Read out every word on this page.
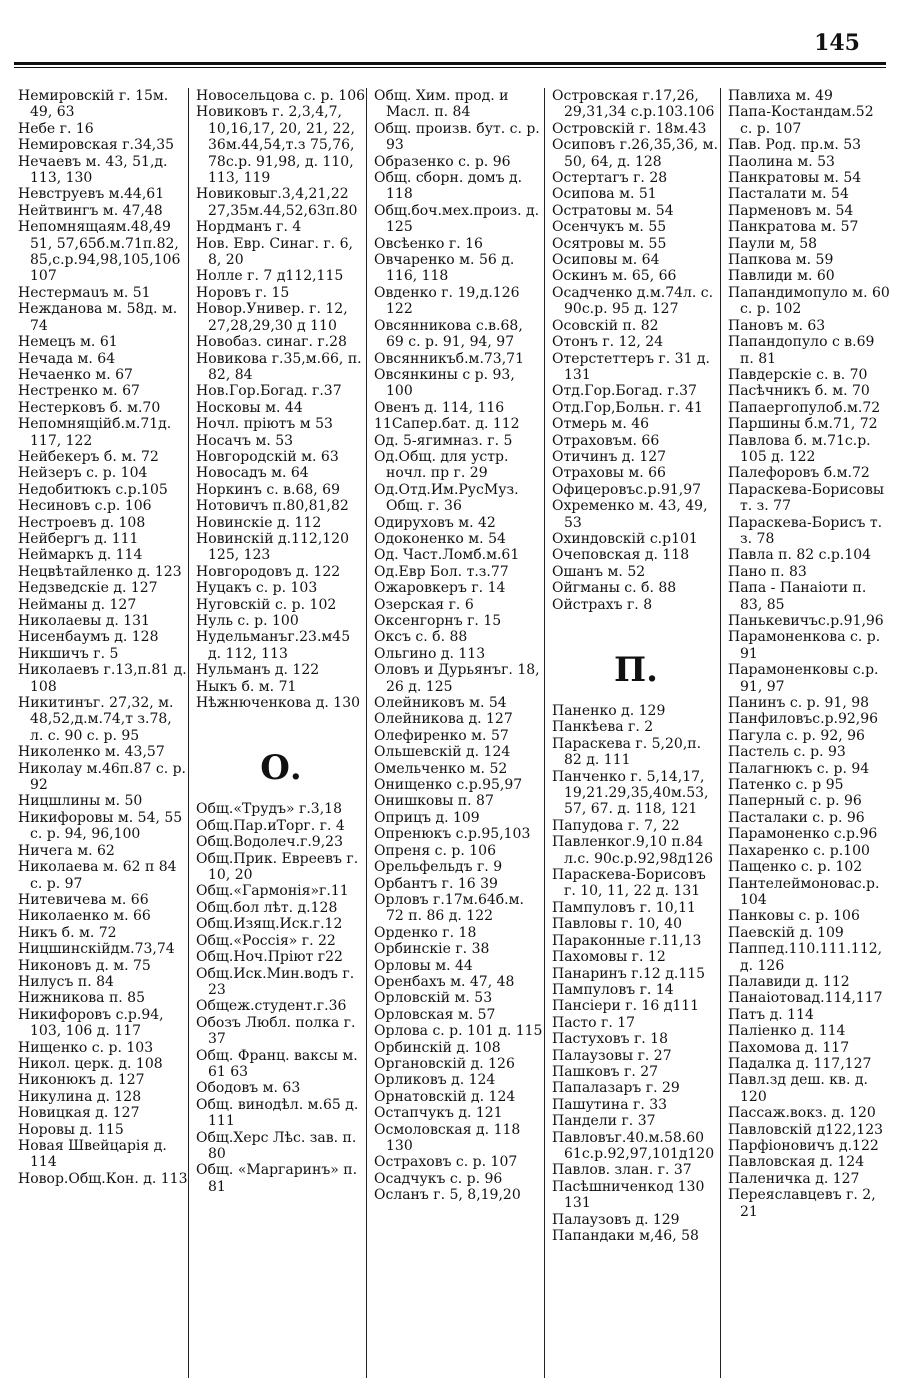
145
Немировскій г. 15м. 49, 63
Небе г. 16
Немировская г.34,35
Нечаевъ м. 43, 51,д. 113, 130
Невструевъ м.44,61
Нейтвингъ м. 47,48
Непомнящаям.48,49 51, 57,65б.м.71п.82, 85,с.р.94,98,105,106 107
Нестермаuъ м. 51
Нежданова м. 58д. м. 74
Немецъ м. 61
Нечада м. 64
Нечаенко м. 67
Нестренко м. 67
Нестерковъ б. м.70
Непомнящійб.м.71д. 117, 122
Нейбекеръ б. м. 72
Нейзеръ с. р. 104
Недобитюкъ с.р.105
Несиновъ с.р. 106
Нестроевъ д. 108
Нейбергъ д. 111
Неймаркъ д. 114
Нецвѣтайленко д. 123
Недзведскіе д. 127
Нейманы д. 127
Николаевы д. 131
Нисенбаумъ д. 128
Никшичъ г. 5
Николаевъ г.13,п.81 д. 108
Никитинъг. 27,32, м. 48,52,д.м.74,т з.78, л. с. 90 с. р. 95
Николенко м. 43,57
Николау м.46п.87 с. р. 92
Ницшлины м. 50
Никифоровы м. 54, 55 с. р. 94, 96,100
Ничега м. 62
Николаева м. 62 п 84 с. р. 97
Нитевичева м. 66
Николаенко м. 66
Никъ б. м. 72
Ницшинскійдм.73,74
Никоновъ д. м. 75
Нилусъ п. 84
Нижникова п. 85
Никифоровъ с.р.94, 103, 106 д. 117
Нищенко с. р. 103
Никол. церк. д. 108
Никонюкъ д. 127
Никулина д. 128
Новицкая д. 127
Норовы д. 115
Новая Швейцарія д. 114
Новор.Общ.Кон. д. 113
Новосельцова с. р. 106
Новиковъ г. 2,3,4,7, 10,16,17, 20, 21, 22, 36м.44,54,т.з 75,76, 78с.р. 91,98, д. 110, 113, 119
Новиковыг.3,4,21,22 27,35м.44,52,63п.80
Нордманъ г. 4
Нов. Евр. Синаг. г. 6, 8, 20
Нолле г. 7 д112,115
Норовъ г. 15
Новор.Универ. г. 12, 27,28,29,30 д 110
Новобаз. синаг. г.28
Новикова г.35,м.66, п. 82, 84
Нов.Гор.Богад. г.37
Носковы м. 44
Ночл. пріютъ м 53
Носачъ м. 53
Новгородскій м. 63
Новосадъ м. 64
Норкинъ с. в.68, 69
Нотовичъ п.80,81,82
Новинскіе д. 112
Новинскій д.112,120 125, 123
Новгородовъ д. 122
Нуцакъ с. р. 103
Нуговскій с. р. 102
Нуль с. р. 100
Нудельманъг.23.м45 д. 112, 113
Нульманъ д. 122
Ныкъ б. м. 71
Нѣжнюченкова д. 130
О.
Общ.«Трудъ» г.3,18
Общ.Пар.иТорг. г. 4
Общ.Водолеч.г.9,23
Общ.Прик. Евреевъ г. 10, 20
Общ.«Гармонія»г.11
Общ.бол лѣт. д.128
Общ.Изящ.Иск.г.12
Общ.«Россія» г. 22
Общ.Ноч.Пріют г22
Общ.Иск.Мин.водъ г. 23
Общеж.студент.г.36
Обозъ Любл. полка г. 37
Общ. Франц. ваксы м. 61 63
Ободовъ м. 63
Общ. винодѣл. м.65 д. 111
Общ.Херс Лѣс. зав. п. 80
Общ. «Маргаринъ» п. 81
Общ. Хим. прод. и Масл. п. 84
Общ. произв. бут. с. р. 93
Образенко с. р. 96
Общ. сборн. домъ д. 118
Общ.боч.мех.произ. д. 125
Овсѣенко г. 16
Овчаренко м. 56 д. 116, 118
Овденко г. 19,д.126 122
Овсянникова с.в.68, 69 с. р. 91, 94, 97
Овсянникъб.м.73,71
Овсянкины с р. 93, 100
Овенъ д. 114, 116
11Сапер.бат. д. 112
Од. 5-ягимназ. г. 5
Од.Общ. для устр. ночл. пр г. 29
Од.Отд.Им.РусМуз. Общ. г. 36
Одируховъ м. 42
Одоконенко м. 54
Од. Част.Ломб.м.61
Од.Евр Бол. т.з.77
Ожаровкеръ г. 14
Озерская г. 6
Оксенгорнъ г. 15
Оксъ с. б. 88
Ольгино д. 113
Оловъ и Дурьянъг. 18, 26 д. 125
Олейниковъ м. 54
Олейникова д. 127
Олефиренко м. 57
Ольшевскій д. 124
Омельченко м. 52
Онищенко с.р.95,97
Онишковы п. 87
Оприцъ д. 109
Опренюкъ с.р.95,103
Опреня с. р. 106
Орельфельдъ г. 9
Орбантъ г. 16 39
Орловъ г.17м.64б.м. 72 п. 86 д. 122
Орденко г. 18
Орбинскіе г. 38
Орловы м. 44
Оренбахъ м. 47, 48
Орловскій м. 53
Орловская м. 57
Орлова с. р. 101 д. 115
Орбинскій д. 108
Органовскій д. 126
Орликовъ д. 124
Орнатовскій д. 124
Остапчукъ д. 121
Осмоловская д. 118 130
Остраховъ с. р. 107
Осадчукъ с. р. 96
Осланъ г. 5, 8,19,20
Островская г.17,26, 29,31,34 с.р.103.106
Островскій г. 18м.43
Осиповъ г.26,35,36, м. 50, 64, д. 128
Остертагъ г. 28
Осипова м. 51
Остратовы м. 54
Осенчукъ м. 55
Осятровы м. 55
Осиповы м. 64
Оскинъ м. 65, 66
Осадченко д.м.74л. с. 90с.р. 95 д. 127
Осовскій п. 82
Отонъ г. 12, 24
Отерстеттеръ г. 31 д. 131
Отд.Гор.Богад. г.37
Отд.Гор,Больн. г. 41
Отмерь м. 46
Отраховъм. 66
Отичинъ д. 127
Отраховы м. 66
Офицеровъс.р.91,97
Охременко м. 43, 49, 53
Охиндовскій с.р101
Очеповская д. 118
Ошанъ м. 52
Ойгманы с. б. 88
Ойстрахъ г. 8
П.
Паненко д. 129
Панкѣева г. 2
Параскева г. 5,20,п. 82 д. 111
Панченко г. 5,14,17, 19,21.29,35,40м.53, 57, 67. д. 118, 121
Папудова г. 7, 22
Павленког.9,10 п.84 л.с. 90с.р.92,98д126
Параскева-Борисовъ г. 10, 11, 22 д. 131
Пампуловъ г. 10,11
Павловы г. 10, 40
Параконные г.11,13
Пахомовы г. 12
Панаринъ г.12 д.115
Пампуловъ г. 14
Пансіери г. 16 д111
Пасто г. 17
Пастуховъ г. 18
Палаузовы г. 27
Пашковъ г. 27
Папалазаръ г. 29
Пашутина г. 33
Пандели г. 37
Павловъг.40.м.58.60 61с.р.92,97,101д120
Павлов. злан. г. 37
Пасѣшниченкод 130 131
Палаузовъ д. 129
Папандаки м,46, 58
Павлиха м. 49
Папа-Костандам.52 с. р. 107
Пав. Род. пр.м. 53
Паолина м. 53
Панкратовы м. 54
Пасталати м. 54
Парменовъ м. 54
Панкратова м. 57
Паули м, 58
Папкова м. 59
Павлиди м. 60
Папандимопуло м. 60 с. р. 102
Пановъ м. 63
Папандопуло с в.69 п. 81
Павдерскіе с. в. 70
Пасѣчникъ б. м. 70
Папаергопулоб.м.72
Паршины б.м.71, 72
Павлова б. м.71с.р. 105 д. 122
Палефоровъ б.м.72
Параскева-Борисовы т. з. 77
Параскева-Борисъ т. з. 78
Павла п. 82 с.р.104
Пано п. 83
Папа - Панаіоти п. 83, 85
Панькевичъс.р.91,96
Парамоненкова с. р. 91
Парамоненковы с.р. 91, 97
Панинъ с. р. 91, 98
Панфиловъс.р.92,96
Пагула с. р. 92, 96
Пастель с. р. 93
Палагнюкъ с. р. 94
Патенко с. р 95
Паперный с. р. 96
Пасталаки с. р. 96
Парамоненко с.р.96
Пахаренко с. р.100
Пащенко с. р. 102
Пантелеймоновас.р. 104
Панковы с. р. 106
Паевскій д. 109
Паппед.110.111.112, д. 126
Палавиди д. 112
Панаіотовад.114,117
Патъ д. 114
Паліенко д. 114
Пахомова д. 117
Падалка д. 117,127
Павл.зд деш. кв. д. 120
Пассаж.вокз. д. 120
Павловскій д122,123
Парфіоновичъ д.122
Павловская д. 124
Паленичка д. 127
Переяславцевъ г. 2, 21
